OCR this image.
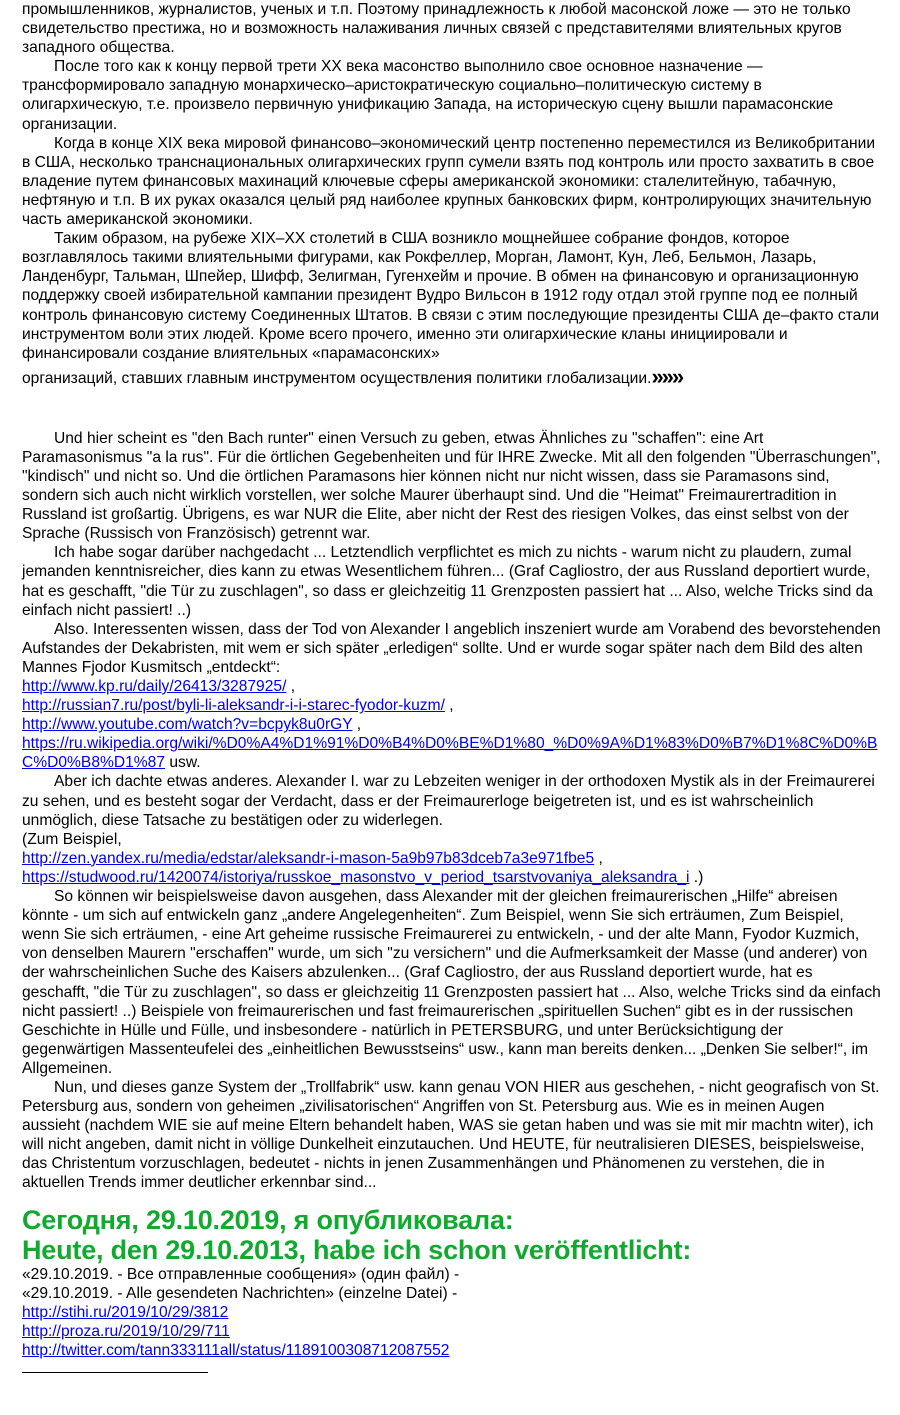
промышленников, журналистов, ученых и т.п. Поэтому принадлежность к любой масонской ложе — это не только свидетельство престижа, но и возможность налаживания личных связей с представителями влиятельных кругов западного общества.

После того как к концу первой трети XX века масонство выполнило свое основное назначение — трансформировало западную монархическо–аристократическую социально–политическую систему в олигархическую, т.е. произвело первичную унификацию Запада, на историческую сцену вышли парамасонские организации.

Когда в конце XIX века мировой финансово–экономический центр постепенно переместился из Великобритании в США, несколько транснациональных олигархических групп сумели взять под контроль или просто захватить в свое владение путем финансовых махинаций ключевые сферы американской экономики: сталелитейную, табачную, нефтяную и т.п. В их руках оказался целый ряд наиболее крупных банковских фирм, контролирующих значительную часть американской экономики.

Таким образом, на рубеже XIX–XX столетий в США возникло мощнейшее собрание фондов, которое возглавлялось такими влиятельными фигурами, как Рокфеллер, Морган, Ламонт, Кун, Леб, Бельмон, Лазарь, Ланденбург, Тальман, Шпейер, Шифф, Зелигман, Гугенхейм и прочие. В обмен на финансовую и организационную поддержку своей избирательной кампании президент Вудро Вильсон в 1912 году отдал этой группе под ее полный контроль финансовую систему Соединенных Штатов. В связи с этим последующие президенты США де–факто стали инструментом воли этих людей. Кроме всего прочего, именно эти олигархические кланы инициировали и финансировали создание влиятельных «парамасонских»

организаций, ставших главным инструментом осуществления политики глобализации.»»»

Und hier scheint es "den Bach runter" einen Versuch zu geben, etwas Ähnliches zu "schaffen": eine Art Paramasonismus "a la rus". Für die örtlichen Gegebenheiten und für IHRE Zwecke. Mit all den folgenden "Überraschungen", "kindisch" und nicht so. Und die örtlichen Paramasons hier können nicht nur nicht wissen, dass sie Paramasons sind, sondern sich auch nicht wirklich vorstellen, wer solche Maurer überhaupt sind. Und die "Heimat" Freimaurertradition in Russland ist großartig. Übrigens, es war NUR die Elite, aber nicht der Rest des riesigen Volkes, das einst selbst von der Sprache (Russisch von Französisch) getrennt war.

Ich habe sogar darüber nachgedacht ... Letztendlich verpflichtet es mich zu nichts - warum nicht zu plaudern, zumal jemanden kenntnisreicher, dies kann zu etwas Wesentlichem führen... (Graf Cagliostro, der aus Russland deportiert wurde, hat es geschafft, "die Tür zu zuschlagen", so dass er gleichzeitig 11 Grenzposten passiert hat ... Also, welche Tricks sind da einfach nicht passiert! ..)

Also. Interessenten wissen, dass der Tod von Alexander I angeblich inszeniert wurde am Vorabend des bevorstehenden Aufstandes der Dekabristen, mit wem er sich später „erledigen“ sollte. Und er wurde sogar später nach dem Bild des alten Mannes Fjodor Kusmitsch „entdeckt“:

http://www.kp.ru/daily/26413/3287925/ ,

http://russian7.ru/post/byli-li-aleksandr-i-i-starec-fyodor-kuzm/ ,

http://www.youtube.com/watch?v=bcpyk8u0rGY ,

https://ru.wikipedia.org/wiki/%D0%A4%D1%91%D0%B4%D0%BE%D1%80_%D0%9A%D1%83%D0%B7%D1%8C%D0%BC%D0%B8%D1%87 usw.

Aber ich dachte etwas anderes. Alexander I. war zu Lebzeiten weniger in der orthodoxen Mystik als in der Freimaurerei zu sehen, und es besteht sogar der Verdacht, dass er der Freimaurerloge beigetreten ist, und es ist wahrscheinlich unmöglich, diese Tatsache zu bestätigen oder zu widerlegen.

(Zum Beispiel,

http://zen.yandex.ru/media/edstar/aleksandr-i-mason-5a9b97b83dceb7a3e971fbe5 ,

https://studwood.ru/1420074/istoriya/russkoe_masonstvo_v_period_tsarstvovaniya_aleksandra_i .)

So können wir beispielsweise davon ausgehen, dass Alexander mit der gleichen freimaurerischen „Hilfe“ abreisen könnte - um sich auf entwickeln ganz „andere Angelegenheiten“. Zum Beispiel, wenn Sie sich erträumen, Zum Beispiel, wenn Sie sich erträumen, - eine Art geheime russische Freimaurerei zu entwickeln, - und der alte Mann, Fyodor Kuzmich, von denselben Maurern "erschaffen" wurde, um sich "zu versichern" und die Aufmerksamkeit der Masse (und anderer) von der wahrscheinlichen Suche des Kaisers abzulenken... (Graf Cagliostro, der aus Russland deportiert wurde, hat es geschafft, "die Tür zu zuschlagen", so dass er gleichzeitig 11 Grenzposten passiert hat ... Also, welche Tricks sind da einfach nicht passiert! ..) Beispiele von freimaurerischen und fast freimaurerischen „spirituellen Suchen“ gibt es in der russischen Geschichte in Hülle und Fülle, und insbesondere - natürlich in PETERSBURG, und unter Berücksichtigung der gegenwärtigen Massenteufelei des „einheitlichen Bewusstseins“ usw., kann man bereits denken... „Denken Sie selber!“, im Allgemeinen.

Nun, und dieses ganze System der „Trollfabrik“ usw. kann genau VON HIER aus geschehen, - nicht geografisch von St. Petersburg aus, sondern von geheimen „zivilisatorischen“ Angriffen von St. Petersburg aus. Wie es in meinen Augen aussieht (nachdem WIE sie auf meine Eltern behandelt haben, WAS sie getan haben und was sie mit mir machtn witer), ich will nicht angeben, damit nicht in völlige Dunkelheit einzutauchen. Und HEUTE, für neutralisieren DIESES, beispielsweise, das Christentum vorzuschlagen, bedeutet - nichts in jenen Zusammenhängen und Phänomenen zu verstehen, die in aktuellen Trends immer deutlicher erkennbar sind...

Сегодня, 29.10.2019, я опубликовала:
Heute, den 29.10.2013, habe ich schon veröffentlicht:

«29.10.2019. - Все отправленные сообщения» (один файл) -

«29.10.2019. - Alle gesendeten Nachrichten» (einzelne Datei) -

http://stihi.ru/2019/10/29/3812

http://proza.ru/2019/10/29/711

http://twitter.com/tann333111all/status/1189100308712087552
